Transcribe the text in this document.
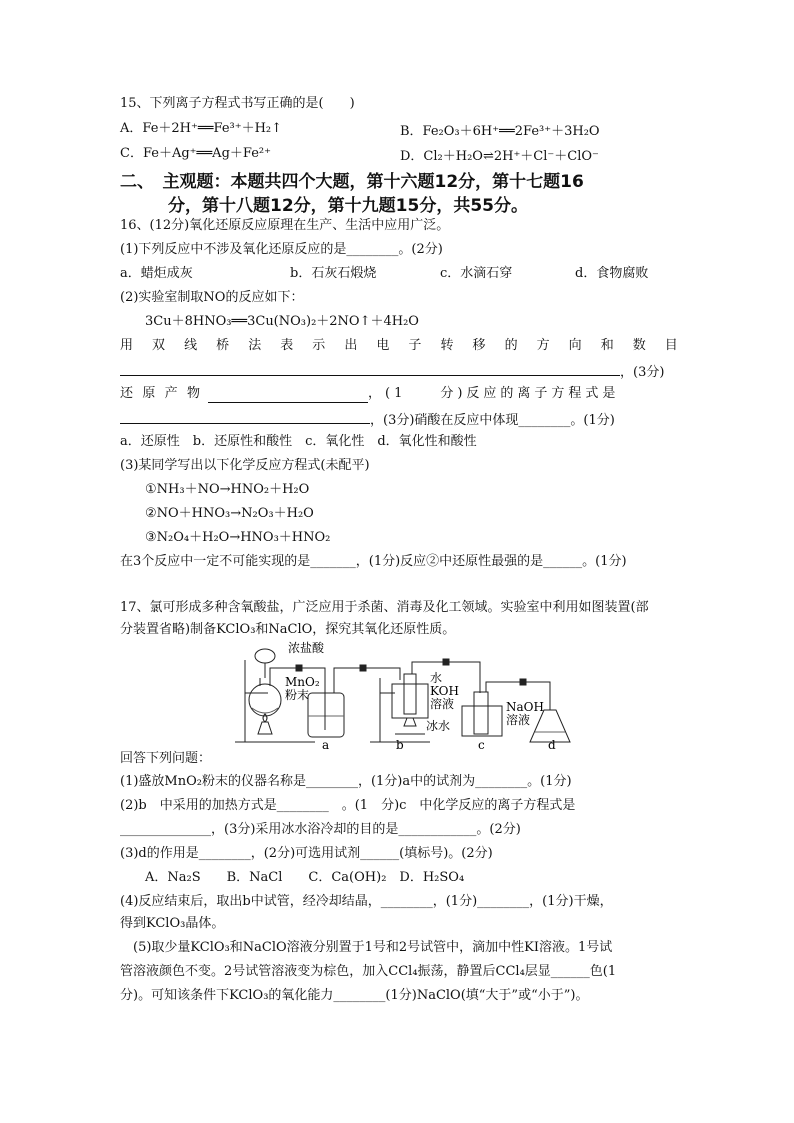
15、下列离子方程式书写正确的是(　　)
A．Fe＋2H⁺══Fe³⁺＋H₂↑	B．Fe₂O₃＋6H⁺══2Fe³⁺＋3H₂O
C．Fe＋Ag⁺══Ag＋Fe²⁺	D．Cl₂＋H₂O⇌2H⁺＋Cl⁻＋ClO⁻
二、　主观题：本题共四个大题，第十六题12分，第十七题16
分，第十八题12分，第十九题15分，共55分。
16、(12分)氧化还原反应原理在生产、生活中应用广泛。
(1)下列反应中不涉及氧化还原反应的是________。(2分)
a．蜡炬成灰	b．石灰石煅烧	c．水滴石穿	d．食物腐败
(2)实验室制取NO的反应如下：
3Cu＋8HNO₃══3Cu(NO₃)₂＋2NO↑＋4H₂O
用 双 线 桥 法 表 示 出 电 子 转 移 的 方 向 和 数 目
，(3分)
还 原 产 物	，(1　　分)反应的离子方程式是
，(3分)硝酸在反应中体现________。(1分)
a．还原性　b．还原性和酸性　c．氧化性　d．氧化性和酸性
(3)某同学写出以下化学反应方程式(未配平)
①NH₃＋NO→HNO₂＋H₂O
②NO＋HNO₃→N₂O₃＋H₂O
③N₂O₄＋H₂O→HNO₃＋HNO₂
在3个反应中一定不可能实现的是_______，(1分)反应②中还原性最强的是______。(1分)
17、氯可形成多种含氧酸盐，广泛应用于杀菌、消毒及化工领域。实验室中利用如图装置(部
分装置省略)制备KClO₃和NaClO，探究其氧化还原性质。
浓盐酸
MnO₂
粉末
水
KOH
溶液
冰水
NaOH
溶液
a	b	c	d
回答下列问题：
(1)盛放MnO₂粉末的仪器名称是________，(1分)a中的试剂为________。(1分)
(2)b　中采用的加热方式是________　。(1　分)c　中化学反应的离子方程式是
______________，(3分)采用冰水浴冷却的目的是____________。(2分)
(3)d的作用是________，(2分)可选用试剂______(填标号)。(2分)
A．Na₂S　　B．NaCl　　C．Ca(OH)₂　D．H₂SO₄
(4)反应结束后，取出b中试管，经冷却结晶，________，(1分)________，(1分)干燥，
得到KClO₃晶体。
　(5)取少量KClO₃和NaClO溶液分别置于1号和2号试管中，滴加中性KI溶液。1号试
管溶液颜色不变。2号试管溶液变为棕色，加入CCl₄振荡，静置后CCl₄层显______色(1
分)。可知该条件下KClO₃的氧化能力________(1分)NaClO(填“大于”或“小于”)。
